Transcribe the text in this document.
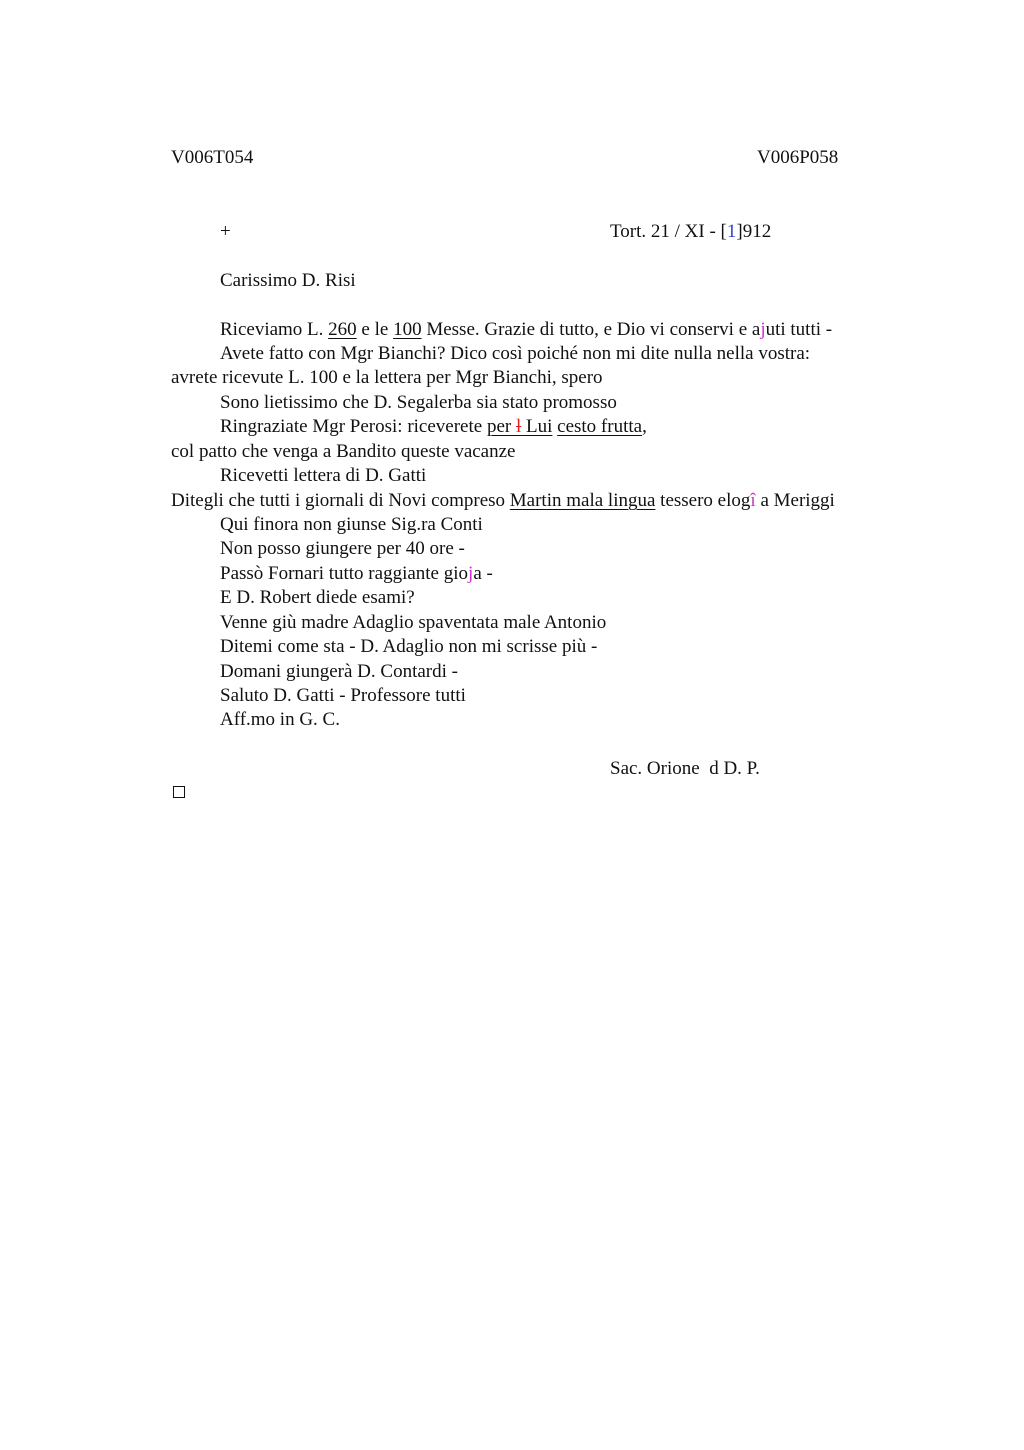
V006T054	V006P058
+	Tort. 21 / XI - [1]912
Carissimo D. Risi
Riceviamo L. 260 e le 100 Messe. Grazie di tutto, e Dio vi conservi e ajuti tutti -
Avete fatto con Mgr Bianchi? Dico così poiché non mi dite nulla nella vostra:
avrete ricevute L. 100 e la lettera per Mgr Bianchi, spero
Sono lietissimo che D. Segalerba sia stato promosso
Ringraziate Mgr Perosi: riceverete per l Lui cesto frutta,
col patto che venga a Bandito queste vacanze
Ricevetti lettera di D. Gatti
Ditegli che tutti i giornali di Novi compreso Martin mala lingua tessero elogî a Meriggi
Qui finora non giunse Sig.ra Conti
Non posso giungere per 40 ore -
Passò Fornari tutto raggiante gioja -
E D. Robert diede esami?
Venne giù madre Adaglio spaventata male Antonio
Ditemi come sta - D. Adaglio non mi scrisse più -
Domani giungerà D. Contardi -
Saluto D. Gatti - Professore tutti
Aff.mo in G. C.
Sac. Orione  d D. P.
